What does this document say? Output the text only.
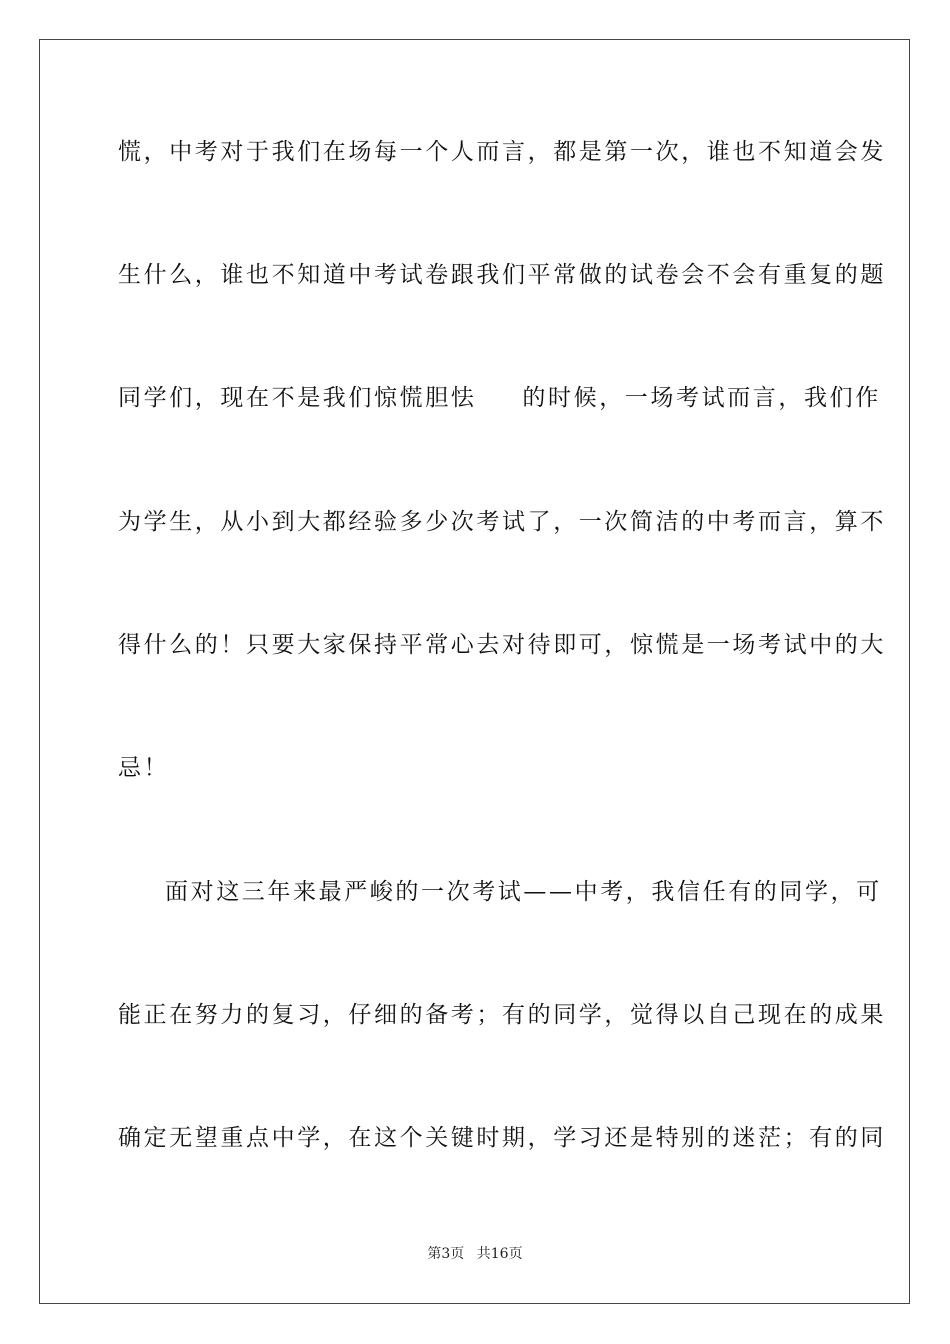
慌，中考对于我们在场每一个人而言，都是第一次，谁也不知道会发
生什么，谁也不知道中考试卷跟我们平常做的试卷会不会有重复的题
同学们，现在不是我们惊慌胆怯 的时候，一场考试而言，我们作
为学生，从小到大都经验多少次考试了，一次简洁的中考而言，算不
得什么的！只要大家保持平常心去对待即可，惊慌是一场考试中的大
忌！
面对这三年来最严峻的一次考试——中考，我信任有的同学，可
能正在努力的复习，仔细的备考；有的同学，觉得以自己现在的成果
确定无望重点中学，在这个关键时期，学习还是特别的迷茫；有的同
第3页 共16页
